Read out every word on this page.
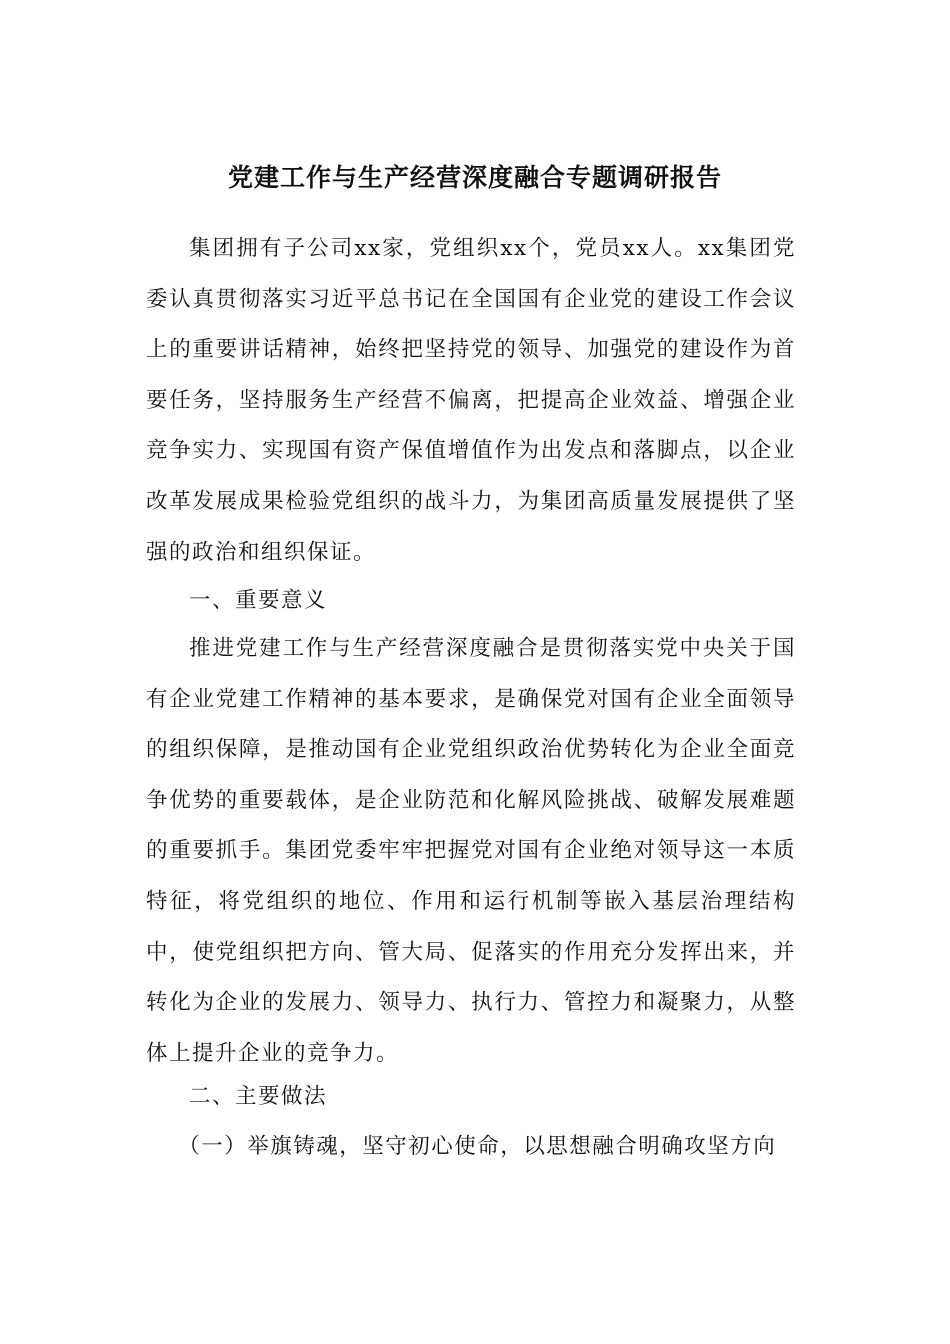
党建工作与生产经营深度融合专题调研报告

集团拥有子公司xx家，党组织xx个，党员xx人。xx集团党委认真贯彻落实习近平总书记在全国国有企业党的建设工作会议上的重要讲话精神，始终把坚持党的领导、加强党的建设作为首要任务，坚持服务生产经营不偏离，把提高企业效益、增强企业竞争实力、实现国有资产保值增值作为出发点和落脚点，以企业改革发展成果检验党组织的战斗力，为集团高质量发展提供了坚强的政治和组织保证。

一、重要意义

推进党建工作与生产经营深度融合是贯彻落实党中央关于国有企业党建工作精神的基本要求，是确保党对国有企业全面领导的组织保障，是推动国有企业党组织政治优势转化为企业全面竞争优势的重要载体，是企业防范和化解风险挑战、破解发展难题的重要抓手。集团党委牢牢把握党对国有企业绝对领导这一本质特征，将党组织的地位、作用和运行机制等嵌入基层治理结构中，使党组织把方向、管大局、促落实的作用充分发挥出来，并转化为企业的发展力、领导力、执行力、管控力和凝聚力，从整体上提升企业的竞争力。

二、主要做法

（一）举旗铸魂，坚守初心使命，以思想融合明确攻坚方向
